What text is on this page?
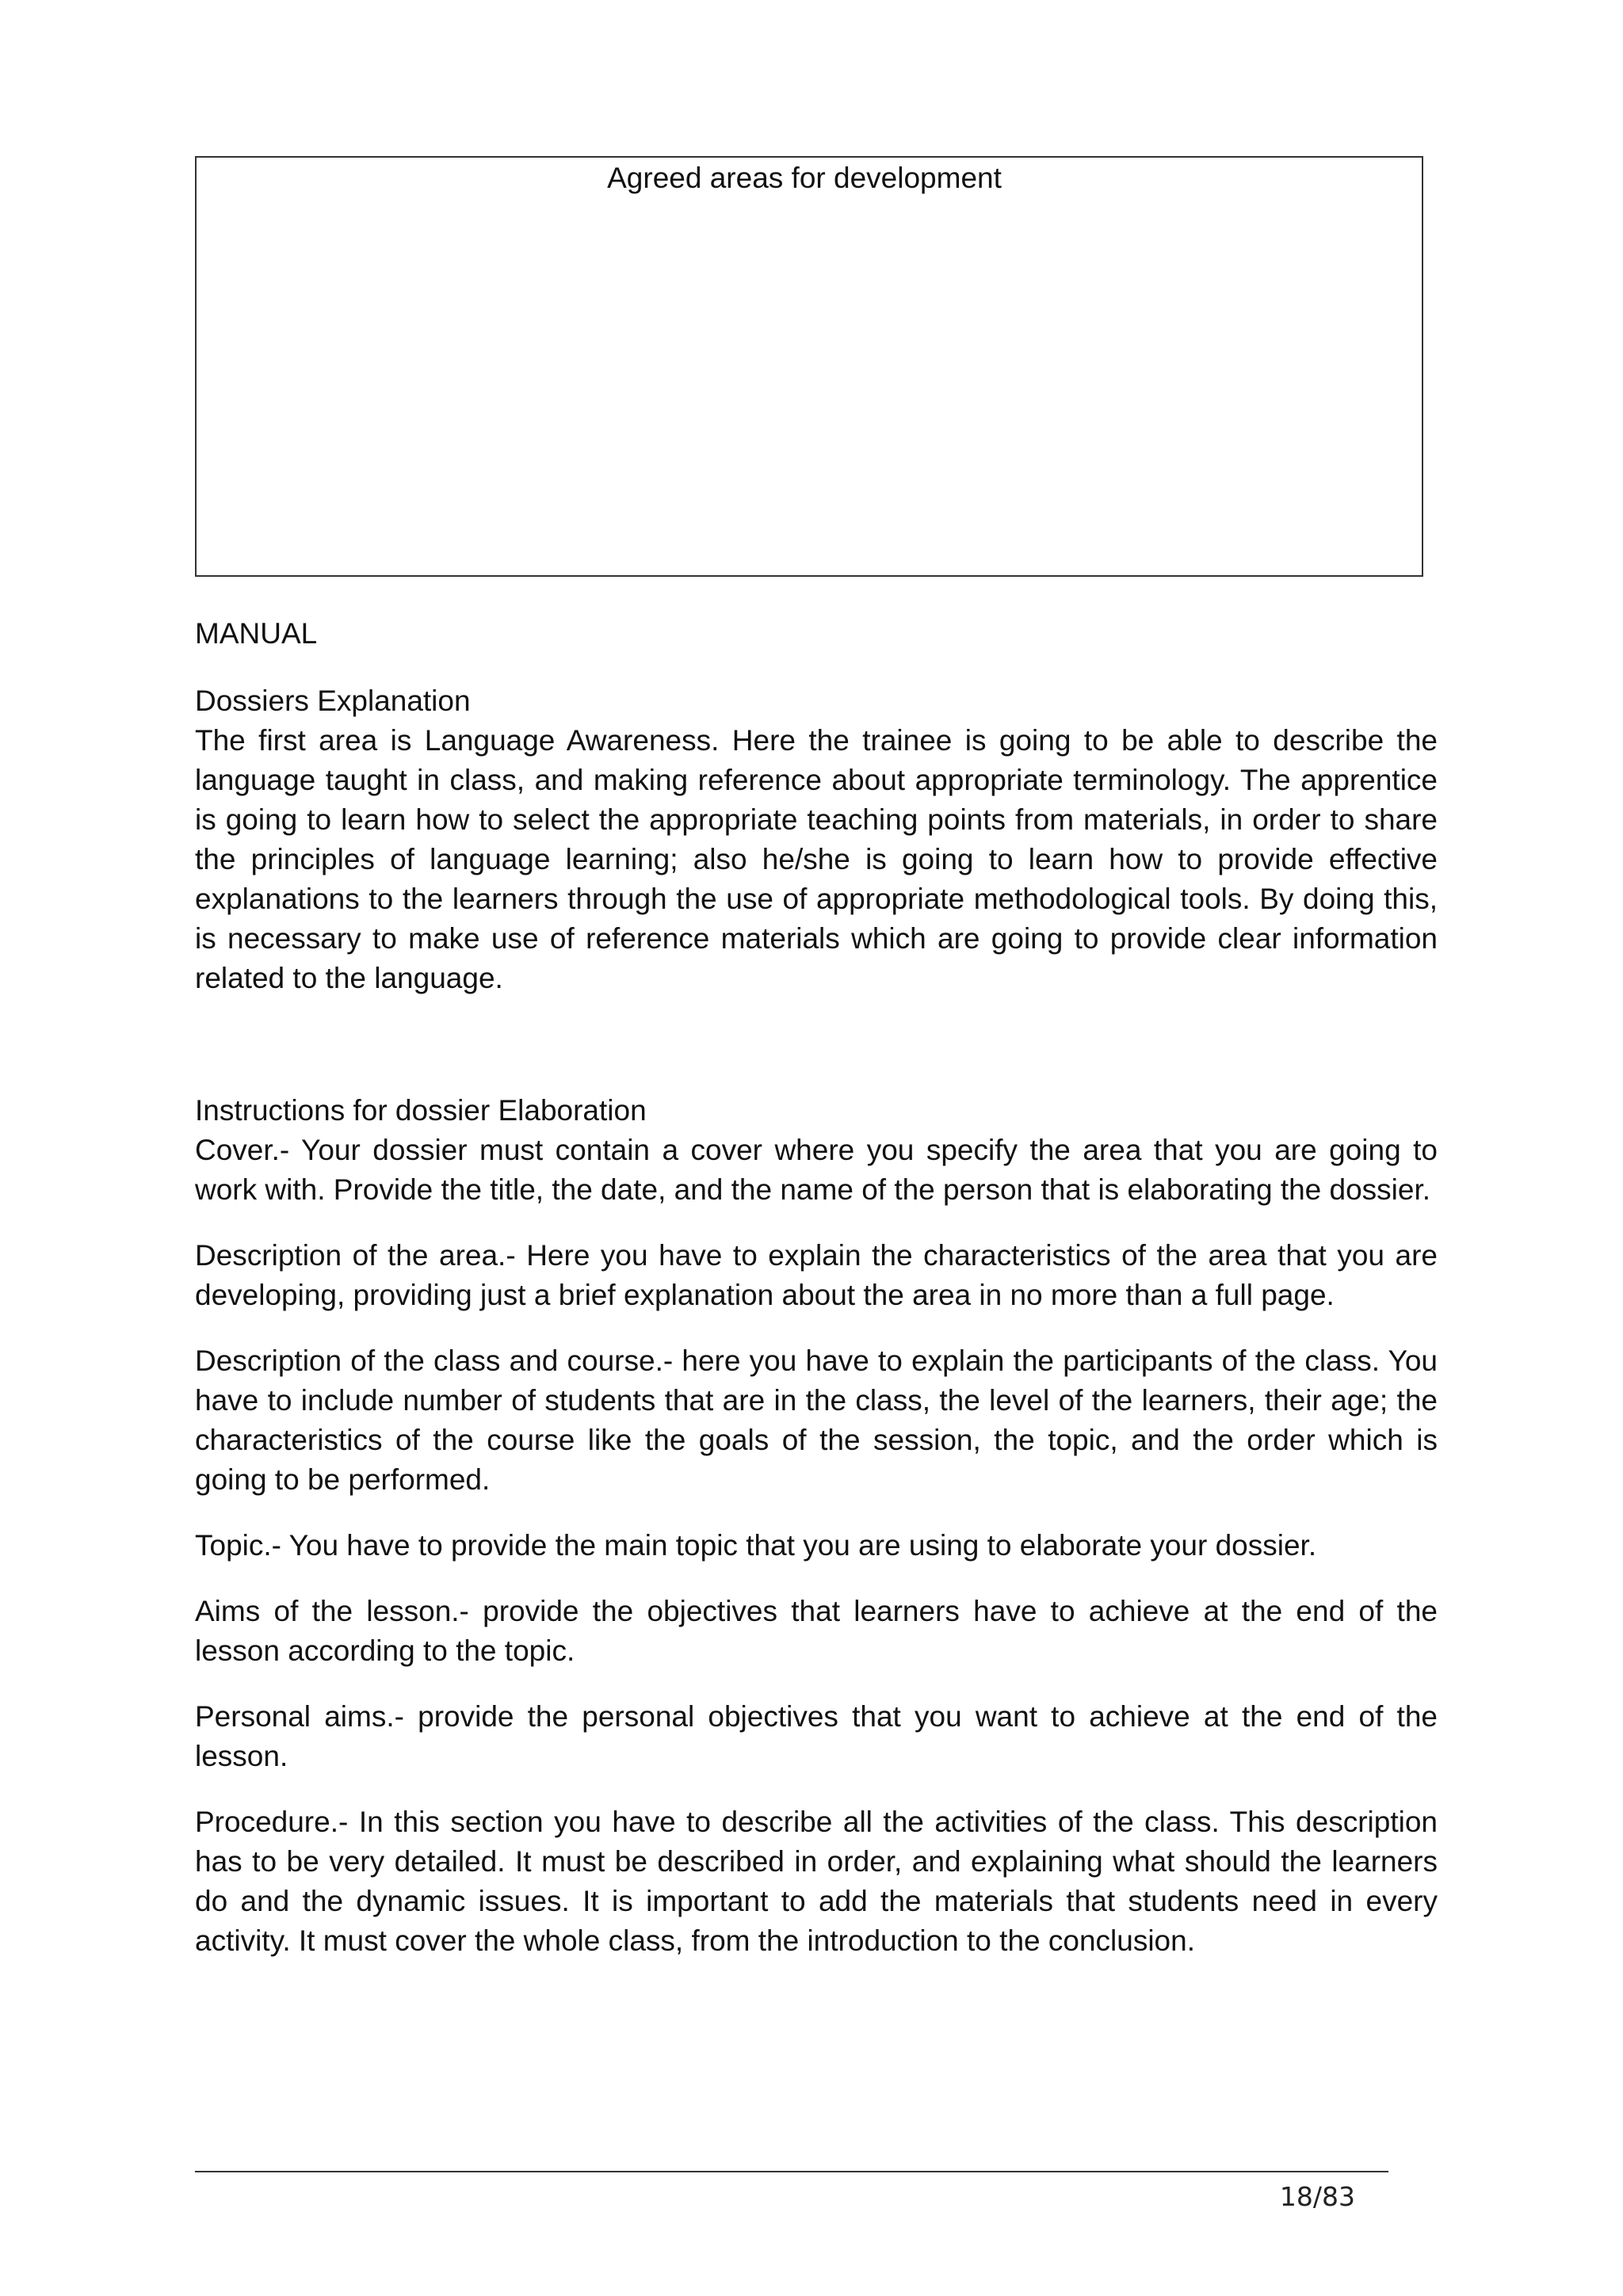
Agreed areas for development

MANUAL

Dossiers Explanation

The first area is Language Awareness. Here the trainee is going to be able to describe the language taught in class, and making reference about appropriate terminology. The apprentice is going to learn how to select the appropriate teaching points from materials, in order to share the principles of language learning; also he/she is going to learn how to provide effective explanations to the learners through the use of appropriate methodological tools. By doing this, is necessary to make use of reference materials which are going to provide clear information related to the language.

Instructions for dossier Elaboration

Cover.- Your dossier must contain a cover where you specify the area that you are going to work with. Provide the title, the date, and the name of the person that is elaborating the dossier.

Description of the area.- Here you have to explain the characteristics of the area that you are developing, providing just a brief explanation about the area in no more than a full page.

Description of the class and course.- here you have to explain the participants of the class. You have to include number of students that are in the class, the level of the learners, their age; the characteristics of the course like the goals of the session, the topic, and the order which is going to be performed.

Topic.- You have to provide the main topic that you are using to elaborate your dossier.

Aims of the lesson.- provide the objectives that learners have to achieve at the end of the lesson according to the topic.

Personal aims.- provide the personal objectives that you want to achieve at the end of the lesson.

Procedure.- In this section you have to describe all the activities of the class. This description has to be very detailed. It must be described in order, and explaining what should the learners do and the dynamic issues. It is important to add the materials that students need in every activity. It must cover the whole class, from the introduction to the conclusion.

18/83
